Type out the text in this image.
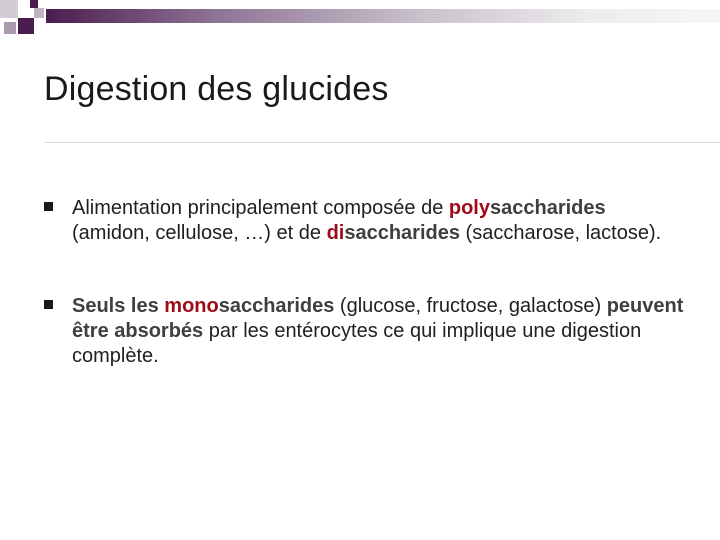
Digestion des glucides
Alimentation principalement composée de polysaccharides (amidon, cellulose, …) et de disaccharides (saccharose, lactose).
Seuls les monosaccharides (glucose, fructose, galactose) peuvent être absorbés par les entérocytes ce qui implique une digestion complète.
